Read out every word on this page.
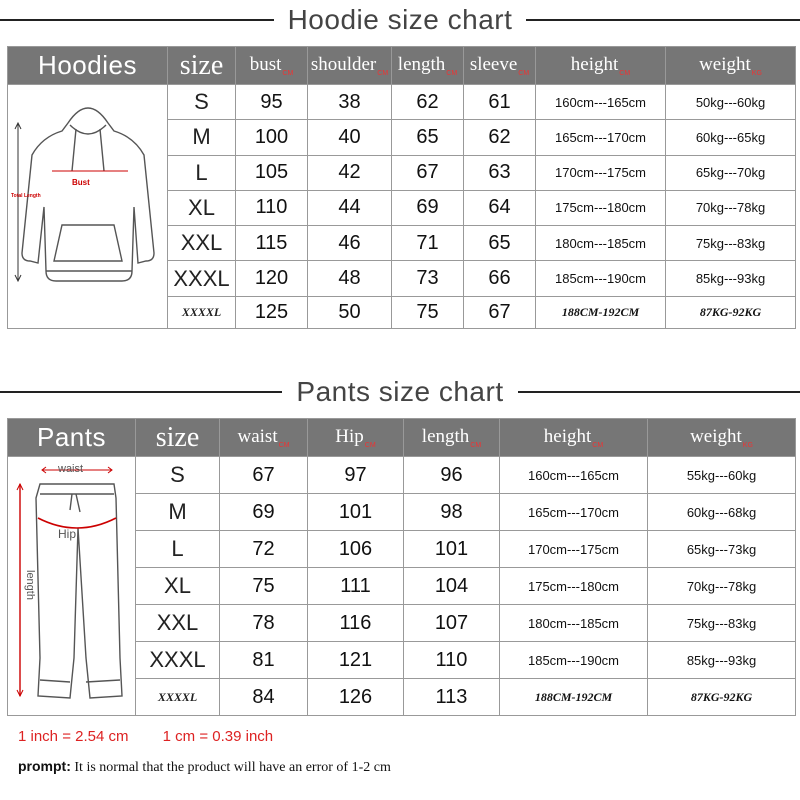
Hoodie size chart
Hoodies	size	bust$_{CM}$	shoulder$_{CM}$	length$_{CM}$	sleeve$_{CM}$	height$_{CM}$	weight$_{KG}$

Bust
Total Length	S	95	38	62	61	160cm---165cm	50kg---60kg
	M	100	40	65	62	165cm---170cm	60kg---65kg
	L	105	42	67	63	170cm---175cm	65kg---70kg
	XL	110	44	69	64	175cm---180cm	70kg---78kg
	XXL	115	46	71	65	180cm---185cm	75kg---83kg
	XXXL	120	48	73	66	185cm---190cm	85kg---93kg
	XXXXL	125	50	75	67	188CM-192CM	87KG-92KG
Pants size chart
Pants	size	waist$_{CM}$	Hip$_{CM}$	length$_{CM}$	height$_{CM}$	weight$_{KG}$

waist
Hip
length	S	67	97	96	160cm---165cm	55kg---60kg
	M	69	101	98	165cm---170cm	60kg---68kg
	L	72	106	101	170cm---175cm	65kg---73kg
	XL	75	111	104	175cm---180cm	70kg---78kg
	XXL	78	116	107	180cm---185cm	75kg---83kg
	XXXL	81	121	110	185cm---190cm	85kg---93kg
	XXXXL	84	126	113	188CM-192CM	87KG-92KG
1 inch = 2.54 cm 1 cm = 0.39 inch
prompt: It is normal that the product will have an error of 1-2 cm
